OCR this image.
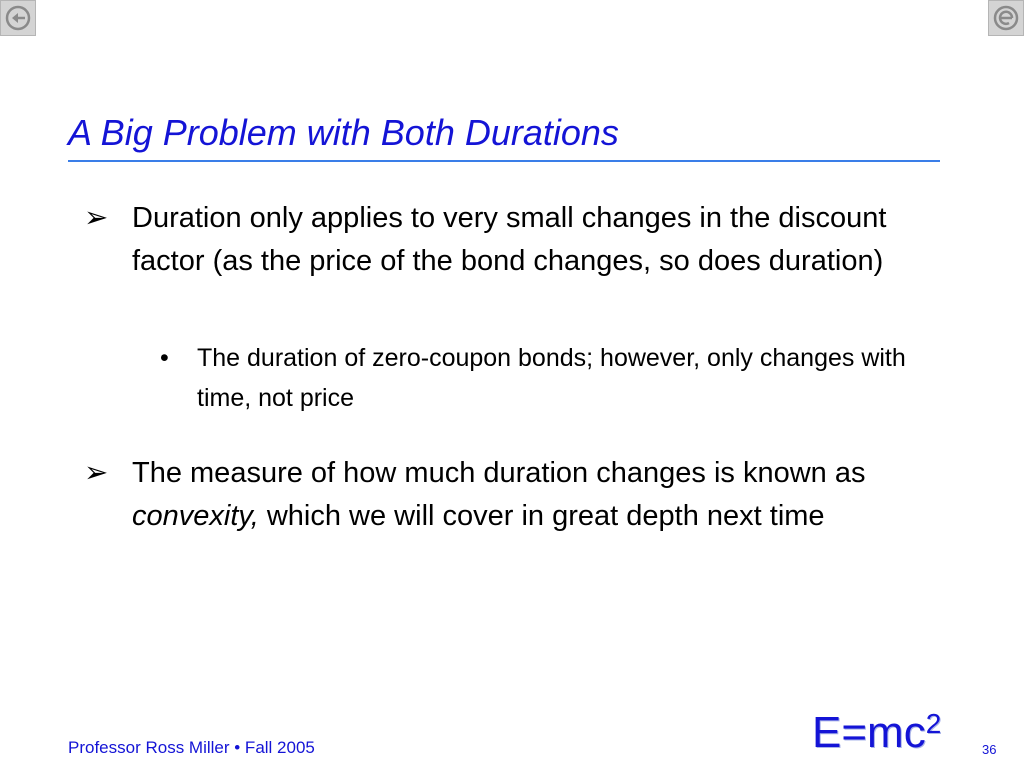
A Big Problem with Both Durations
➢ Duration only applies to very small changes in the discount factor (as the price of the bond changes, so does duration)
• The duration of zero-coupon bonds; however, only changes with time, not price
➢ The measure of how much duration changes is known as convexity, which we will cover in great depth next time
$E=mc^2$
Professor Ross Miller • Fall 2005	36
